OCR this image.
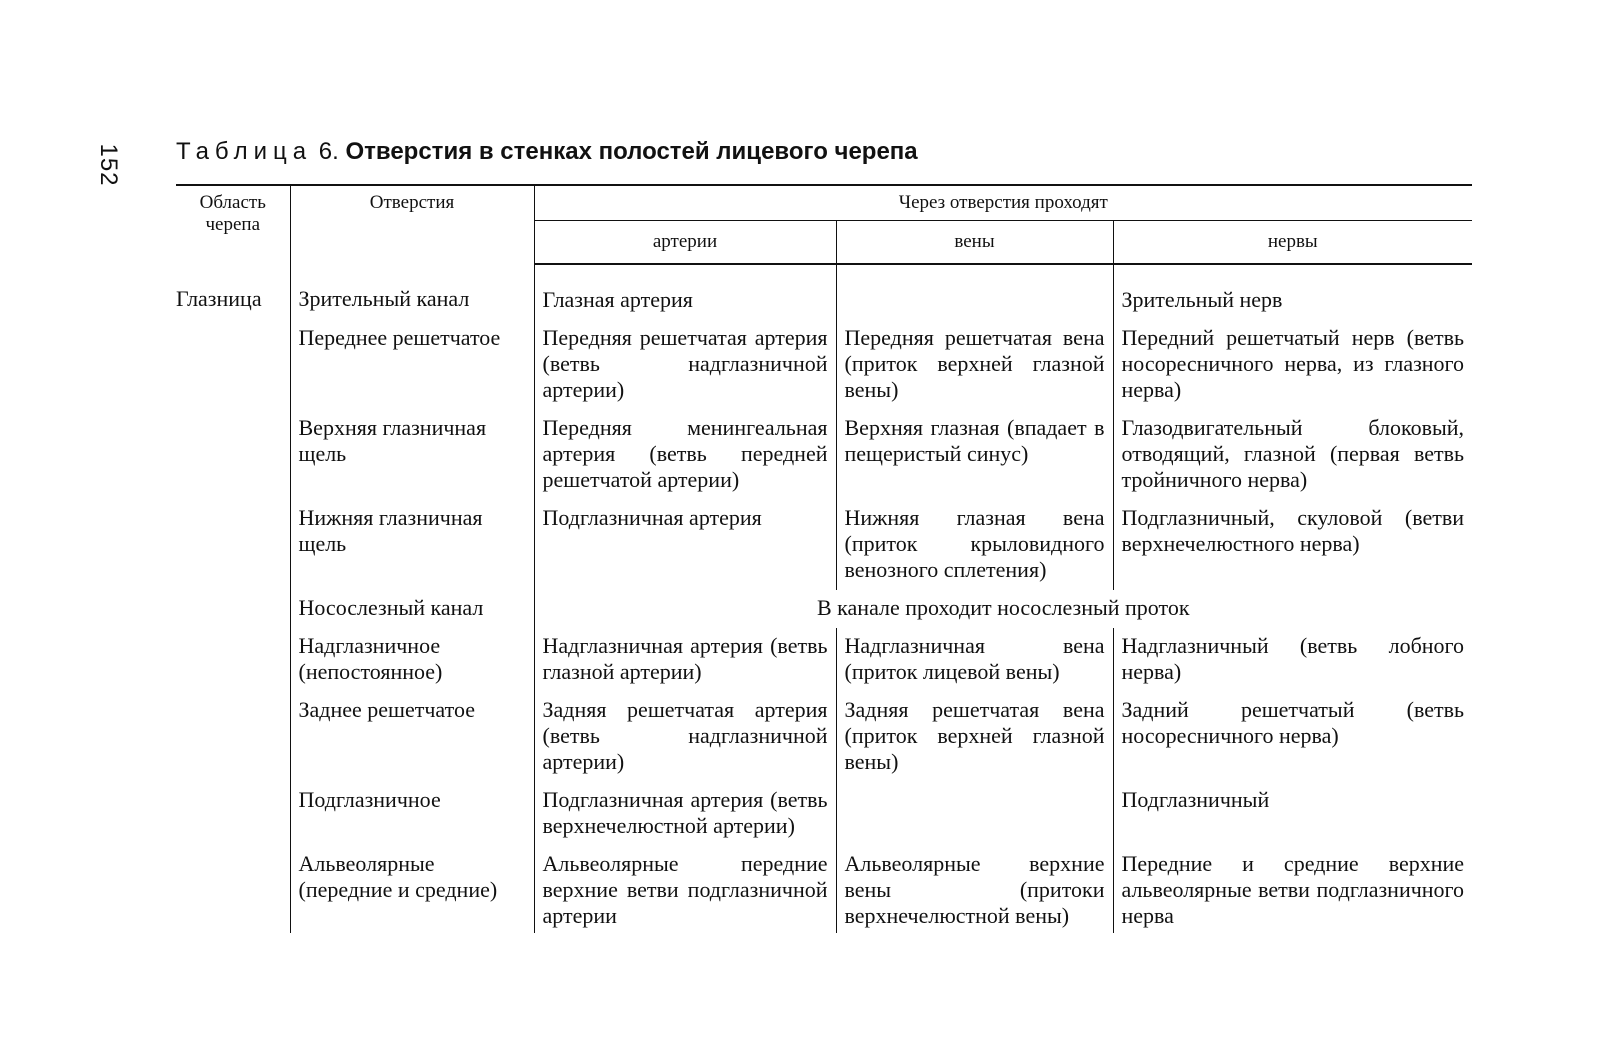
152 Таблица 6. Отверстия в стенках полостей лицевого черепа
Область черепа	Отверстия	Через отверстия проходят		
		артерии	вены	нервы
Глазница	Зрительный канал	Глазная артерия		Зрительный нерв
	Переднее решетчатое	Передняя решетчатая артерия (ветвь надглазничной артерии)	Передняя решетчатая вена (приток верхней глазной вены)	Передний решетчатый нерв (ветвь носоресничного нерва, из глазного нерва)
	Верхняя глазничная щель	Передняя менингеальная артерия (ветвь передней решетчатой артерии)	Верхняя глазная (впадает в пещеристый синус)	Глазодвигательный блоковый, отводящий, глазной (первая ветвь тройничного нерва)
	Нижняя глазничная щель	Подглазничная артерия	Нижняя глазная вена (приток крыловидного венозного сплетения)	Подглазничный, скуловой (ветви верхнечелюстного нерва)
	Носослезный канал	В канале проходит носослезный проток		
	Надглазничное (непостоянное)	Надглазничная артерия (ветвь глазной артерии)	Надглазничная вена (приток лицевой вены)	Надглазничный (ветвь лобного нерва)
	Заднее решетчатое	Задняя решетчатая артерия (ветвь надглазничной артерии)	Задняя решетчатая вена (приток верхней глазной вены)	Задний решетчатый (ветвь носоресничного нерва)
	Подглазничное	Подглазничная артерия (ветвь верхнечелюстной артерии)		Подглазничный
	Альвеолярные (передние и средние)	Альвеолярные передние верхние ветви подглазничной артерии	Альвеолярные верхние вены (притоки верхнечелюстной вены)	Передние и средние верхние альвеолярные ветви подглазничного нерва
